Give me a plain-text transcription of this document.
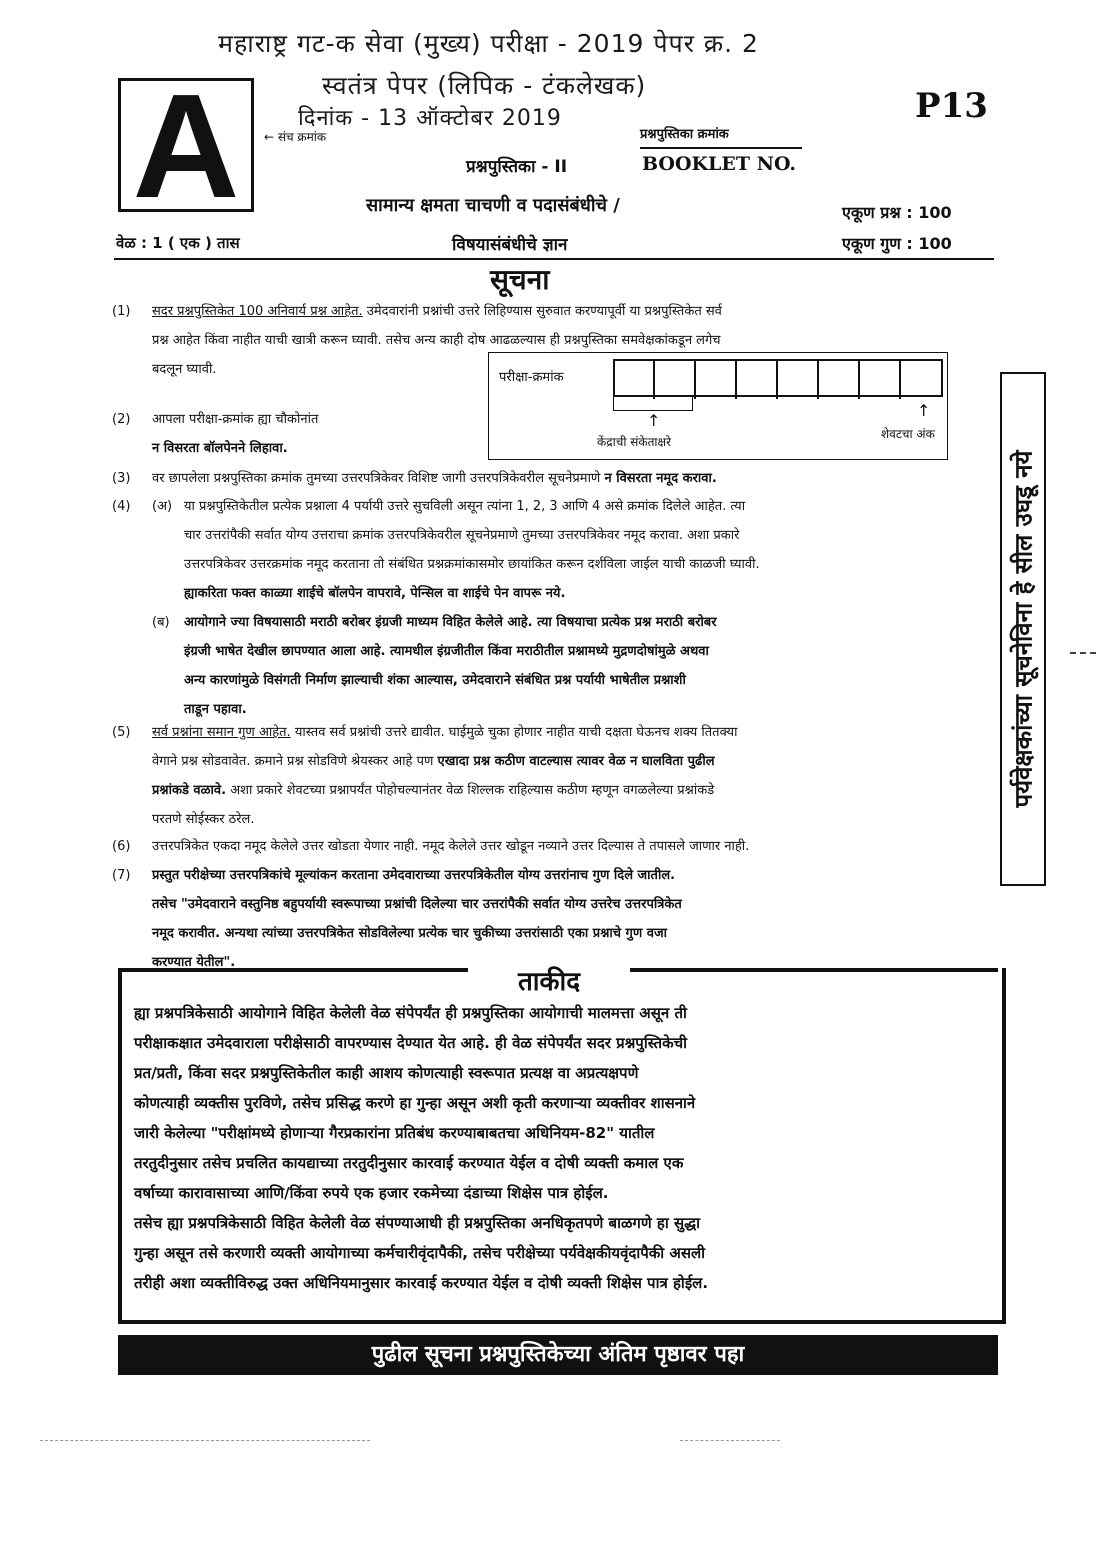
महाराष्ट्र गट-क सेवा (मुख्य) परीक्षा - 2019 पेपर क्र. 2
स्वतंत्र पेपर (लिपिक - टंकलेखक)
दिनांक - 13 ऑक्टोबर 2019
A	← संच क्रमांक
P13
प्रश्नपुस्तिका क्रमांक
BOOKLET NO.
प्रश्नपुस्तिका - II
सामान्य क्षमता चाचणी व पदासंबंधीचे /
विषयासंबंधीचे ज्ञान
एकूण प्रश्न : 100
एकूण गुण : 100
वेळ : 1 ( एक ) तास
सूचना
(1) सदर प्रश्नपुस्तिकेत 100 अनिवार्य प्रश्न आहेत. उमेदवारांनी प्रश्नांची उत्तरे लिहिण्यास सुरुवात करण्यापूर्वी या प्रश्नपुस्तिकेत सर्व
प्रश्न आहेत किंवा नाहीत याची खात्री करून घ्यावी. तसेच अन्य काही दोष आढळल्यास ही प्रश्नपुस्तिका समवेक्षकांकडून लगेच
बदलून घ्यावी.
परीक्षा-क्रमांक
↑
↑
केंद्राची संकेताक्षरे
शेवटचा अंक
(2) आपला परीक्षा-क्रमांक ह्या चौकोनांत
न विसरता बॉलपेनने लिहावा.
(3) वर छापलेला प्रश्नपुस्तिका क्रमांक तुमच्या उत्तरपत्रिकेवर विशिष्ट जागी उत्तरपत्रिकेवरील सूचनेप्रमाणे न विसरता नमूद करावा.
(4) (अ) या प्रश्नपुस्तिकेतील प्रत्येक प्रश्नाला 4 पर्यायी उत्तरे सुचविली असून त्यांना 1, 2, 3 आणि 4 असे क्रमांक दिलेले आहेत. त्या
चार उत्तरांपैकी सर्वात योग्य उत्तराचा क्रमांक उत्तरपत्रिकेवरील सूचनेप्रमाणे तुमच्या उत्तरपत्रिकेवर नमूद करावा. अशा प्रकारे
उत्तरपत्रिकेवर उत्तरक्रमांक नमूद करताना तो संबंधित प्रश्नक्रमांकासमोर छायांकित करून दर्शविला जाईल याची काळजी घ्यावी.
ह्याकरिता फक्त काळ्या शाईचे बॉलपेन वापरावे, पेन्सिल वा शाईचे पेन वापरू नये.
(ब) आयोगाने ज्या विषयासाठी मराठी बरोबर इंग्रजी माध्यम विहित केलेले आहे. त्या विषयाचा प्रत्येक प्रश्न मराठी बरोबर
इंग्रजी भाषेत देखील छापण्यात आला आहे. त्यामधील इंग्रजीतील किंवा मराठीतील प्रश्नामध्ये मुद्रणदोषांमुळे अथवा
अन्य कारणांमुळे विसंगती निर्माण झाल्याची शंका आल्यास, उमेदवाराने संबंधित प्रश्न पर्यायी भाषेतील प्रश्नाशी
ताडून पहावा.
(5) सर्व प्रश्नांना समान गुण आहेत. यास्तव सर्व प्रश्नांची उत्तरे द्यावीत. घाईमुळे चुका होणार नाहीत याची दक्षता घेऊनच शक्य तितक्या
वेगाने प्रश्न सोडवावेत. क्रमाने प्रश्न सोडविणे श्रेयस्कर आहे पण एखादा प्रश्न कठीण वाटल्यास त्यावर वेळ न घालविता पुढील
प्रश्नांकडे वळावे. अशा प्रकारे शेवटच्या प्रश्नापर्यंत पोहोचल्यानंतर वेळ शिल्लक राहिल्यास कठीण म्हणून वगळलेल्या प्रश्नांकडे
परतणे सोईस्कर ठरेल.
(6) उत्तरपत्रिकेत एकदा नमूद केलेले उत्तर खोडता येणार नाही. नमूद केलेले उत्तर खोडून नव्याने उत्तर दिल्यास ते तपासले जाणार नाही.
(7) प्रस्तुत परीक्षेच्या उत्तरपत्रिकांचे मूल्यांकन करताना उमेदवाराच्या उत्तरपत्रिकेतील योग्य उत्तरांनाच गुण दिले जातील.
तसेच "उमेदवाराने वस्तुनिष्ठ बहुपर्यायी स्वरूपाच्या प्रश्नांची दिलेल्या चार उत्तरांपैकी सर्वात योग्य उत्तरेच उत्तरपत्रिकेत
नमूद करावीत. अन्यथा त्यांच्या उत्तरपत्रिकेत सोडविलेल्या प्रत्येक चार चुकीच्या उत्तरांसाठी एका प्रश्नाचे गुण वजा
करण्यात येतील".
पर्यवेक्षकांच्या सूचनेविना हे सील उघडू नये
ताकीद
ह्या प्रश्नपत्रिकेसाठी आयोगाने विहित केलेली वेळ संपेपर्यंत ही प्रश्नपुस्तिका आयोगाची मालमत्ता असून ती
परीक्षाकक्षात उमेदवाराला परीक्षेसाठी वापरण्यास देण्यात येत आहे. ही वेळ संपेपर्यंत सदर प्रश्नपुस्तिकेची
प्रत/प्रती, किंवा सदर प्रश्नपुस्तिकेतील काही आशय कोणत्याही स्वरूपात प्रत्यक्ष वा अप्रत्यक्षपणे
कोणत्याही व्यक्तीस पुरविणे, तसेच प्रसिद्ध करणे हा गुन्हा असून अशी कृती करणाऱ्या व्यक्तीवर शासनाने
जारी केलेल्या "परीक्षांमध्ये होणाऱ्या गैरप्रकारांना प्रतिबंध करण्याबाबतचा अधिनियम-82" यातील
तरतुदीनुसार तसेच प्रचलित कायद्याच्या तरतुदीनुसार कारवाई करण्यात येईल व दोषी व्यक्ती कमाल एक
वर्षाच्या कारावासाच्या आणि/किंवा रुपये एक हजार रकमेच्या दंडाच्या शिक्षेस पात्र होईल.
तसेच ह्या प्रश्नपत्रिकेसाठी विहित केलेली वेळ संपण्याआधी ही प्रश्नपुस्तिका अनधिकृतपणे बाळगणे हा सुद्धा
गुन्हा असून तसे करणारी व्यक्ती आयोगाच्या कर्मचारीवृंदापैकी, तसेच परीक्षेच्या पर्यवेक्षकीयवृंदापैकी असली
तरीही अशा व्यक्तीविरुद्ध उक्त अधिनियमानुसार कारवाई करण्यात येईल व दोषी व्यक्ती शिक्षेस पात्र होईल.
पुढील सूचना प्रश्नपुस्तिकेच्या अंतिम पृष्ठावर पहा
